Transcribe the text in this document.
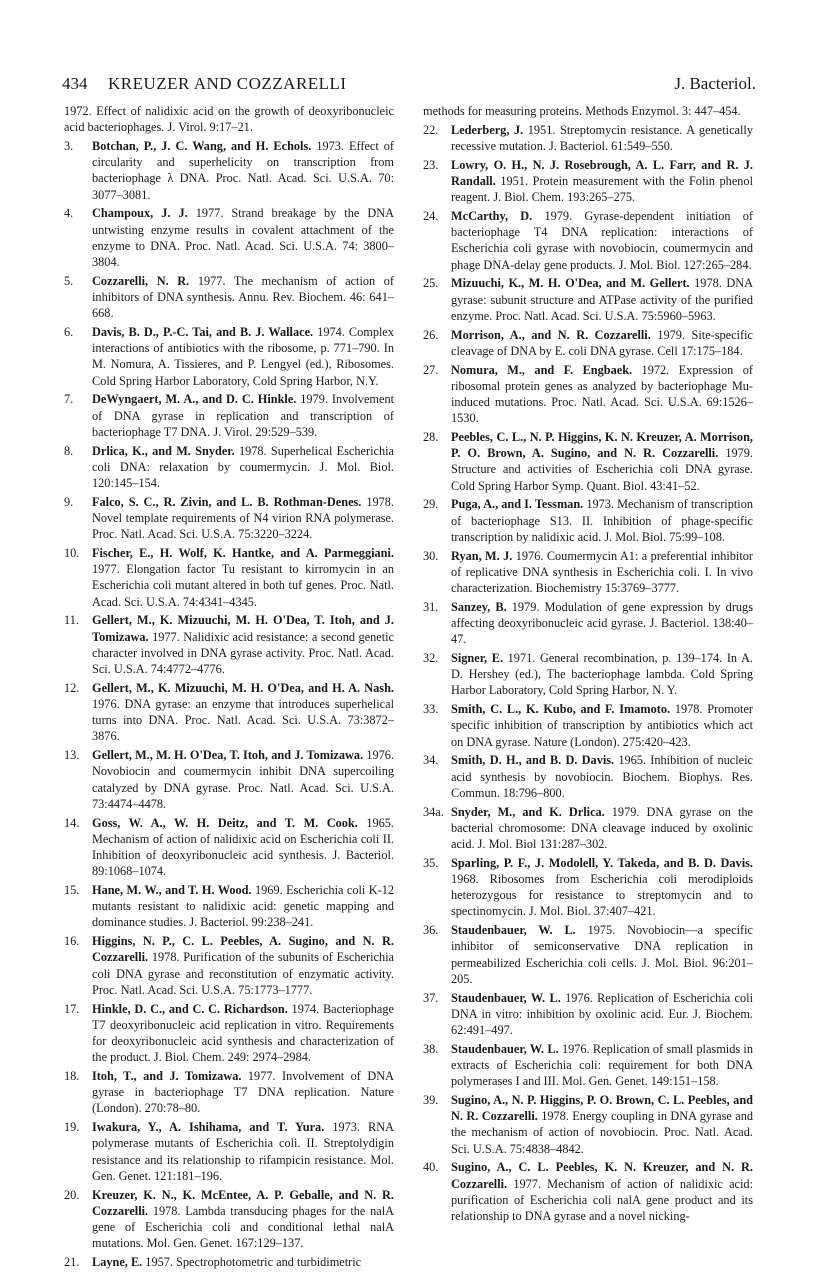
434 KREUZER AND COZZARELLI	J. Bacteriol.

1972. Effect of nalidixic acid on the growth of deoxyribonucleic acid bacteriophages. J. Virol. 9:17–21.

3. Botchan, P., J. C. Wang, and H. Echols. 1973. Effect of circularity and superhelicity on transcription from bacteriophage λ DNA. Proc. Natl. Acad. Sci. U.S.A. 70: 3077–3081.

4. Champoux, J. J. 1977. Strand breakage by the DNA untwisting enzyme results in covalent attachment of the enzyme to DNA. Proc. Natl. Acad. Sci. U.S.A. 74: 3800–3804.

5. Cozzarelli, N. R. 1977. The mechanism of action of inhibitors of DNA synthesis. Annu. Rev. Biochem. 46: 641–668.

6. Davis, B. D., P.-C. Tai, and B. J. Wallace. 1974. Complex interactions of antibiotics with the ribosome, p. 771–790. In M. Nomura, A. Tissieres, and P. Lengyel (ed.), Ribosomes. Cold Spring Harbor Laboratory, Cold Spring Harbor, N.Y.

7. DeWyngaert, M. A., and D. C. Hinkle. 1979. Involvement of DNA gyrase in replication and transcription of bacteriophage T7 DNA. J. Virol. 29:529–539.

8. Drlica, K., and M. Snyder. 1978. Superhelical Escherichia coli DNA: relaxation by coumermycin. J. Mol. Biol. 120:145–154.

9. Falco, S. C., R. Zivin, and L. B. Rothman-Denes. 1978. Novel template requirements of N4 virion RNA polymerase. Proc. Natl. Acad. Sci. U.S.A. 75:3220–3224.

10. Fischer, E., H. Wolf, K. Hantke, and A. Parmeggiani. 1977. Elongation factor Tu resistant to kirromycin in an Escherichia coli mutant altered in both tuf genes. Proc. Natl. Acad. Sci. U.S.A. 74:4341–4345.

11. Gellert, M., K. Mizuuchi, M. H. O'Dea, T. Itoh, and J. Tomizawa. 1977. Nalidixic acid resistance: a second genetic character involved in DNA gyrase activity. Proc. Natl. Acad. Sci. U.S.A. 74:4772–4776.

12. Gellert, M., K. Mizuuchi, M. H. O'Dea, and H. A. Nash. 1976. DNA gyrase: an enzyme that introduces superhelical turns into DNA. Proc. Natl. Acad. Sci. U.S.A. 73:3872–3876.

13. Gellert, M., M. H. O'Dea, T. Itoh, and J. Tomizawa. 1976. Novobiocin and coumermycin inhibit DNA supercoiling catalyzed by DNA gyrase. Proc. Natl. Acad. Sci. U.S.A. 73:4474–4478.

14. Goss, W. A., W. H. Deitz, and T. M. Cook. 1965. Mechanism of action of nalidixic acid on Escherichia coli II. Inhibition of deoxyribonucleic acid synthesis. J. Bacteriol. 89:1068–1074.

15. Hane, M. W., and T. H. Wood. 1969. Escherichia coli K-12 mutants resistant to nalidixic acid: genetic mapping and dominance studies. J. Bacteriol. 99:238–241.

16. Higgins, N. P., C. L. Peebles, A. Sugino, and N. R. Cozzarelli. 1978. Purification of the subunits of Escherichia coli DNA gyrase and reconstitution of enzymatic activity. Proc. Natl. Acad. Sci. U.S.A. 75:1773–1777.

17. Hinkle, D. C., and C. C. Richardson. 1974. Bacteriophage T7 deoxyribonucleic acid replication in vitro. Requirements for deoxyribonucleic acid synthesis and characterization of the product. J. Biol. Chem. 249: 2974–2984.

18. Itoh, T., and J. Tomizawa. 1977. Involvement of DNA gyrase in bacteriophage T7 DNA replication. Nature (London). 270:78–80.

19. Iwakura, Y., A. Ishihama, and T. Yura. 1973. RNA polymerase mutants of Escherichia coli. II. Streptolydigin resistance and its relationship to rifampicin resistance. Mol. Gen. Genet. 121:181–196.

20. Kreuzer, K. N., K. McEntee, A. P. Geballe, and N. R. Cozzarelli. 1978. Lambda transducing phages for the nalA gene of Escherichia coli and conditional lethal nalA mutations. Mol. Gen. Genet. 167:129–137.

21. Layne, E. 1957. Spectrophotometric and turbidimetric

methods for measuring proteins. Methods Enzymol. 3: 447–454.

22. Lederberg, J. 1951. Streptomycin resistance. A genetically recessive mutation. J. Bacteriol. 61:549–550.

23. Lowry, O. H., N. J. Rosebrough, A. L. Farr, and R. J. Randall. 1951. Protein measurement with the Folin phenol reagent. J. Biol. Chem. 193:265–275.

24. McCarthy, D. 1979. Gyrase-dependent initiation of bacteriophage T4 DNA replication: interactions of Escherichia coli gyrase with novobiocin, coumermycin and phage DNA-delay gene products. J. Mol. Biol. 127:265–284.

25. Mizuuchi, K., M. H. O'Dea, and M. Gellert. 1978. DNA gyrase: subunit structure and ATPase activity of the purified enzyme. Proc. Natl. Acad. Sci. U.S.A. 75:5960–5963.

26. Morrison, A., and N. R. Cozzarelli. 1979. Site-specific cleavage of DNA by E. coli DNA gyrase. Cell 17:175–184.

27. Nomura, M., and F. Engbaek. 1972. Expression of ribosomal protein genes as analyzed by bacteriophage Mu-induced mutations. Proc. Natl. Acad. Sci. U.S.A. 69:1526–1530.

28. Peebles, C. L., N. P. Higgins, K. N. Kreuzer, A. Morrison, P. O. Brown, A. Sugino, and N. R. Cozzarelli. 1979. Structure and activities of Escherichia coli DNA gyrase. Cold Spring Harbor Symp. Quant. Biol. 43:41–52.

29. Puga, A., and I. Tessman. 1973. Mechanism of transcription of bacteriophage S13. II. Inhibition of phage-specific transcription by nalidixic acid. J. Mol. Biol. 75:99–108.

30. Ryan, M. J. 1976. Coumermycin A1: a preferential inhibitor of replicative DNA synthesis in Escherichia coli. I. In vivo characterization. Biochemistry 15:3769–3777.

31. Sanzey, B. 1979. Modulation of gene expression by drugs affecting deoxyribonucleic acid gyrase. J. Bacteriol. 138:40–47.

32. Signer, E. 1971. General recombination, p. 139–174. In A. D. Hershey (ed.), The bacteriophage lambda. Cold Spring Harbor Laboratory, Cold Spring Harbor, N. Y.

33. Smith, C. L., K. Kubo, and F. Imamoto. 1978. Promoter specific inhibition of transcription by antibiotics which act on DNA gyrase. Nature (London). 275:420–423.

34. Smith, D. H., and B. D. Davis. 1965. Inhibition of nucleic acid synthesis by novobiocin. Biochem. Biophys. Res. Commun. 18:796–800.

34a. Snyder, M., and K. Drlica. 1979. DNA gyrase on the bacterial chromosome: DNA cleavage induced by oxolinic acid. J. Mol. Biol 131:287–302.

35. Sparling, P. F., J. Modolell, Y. Takeda, and B. D. Davis. 1968. Ribosomes from Escherichia coli merodiploids heterozygous for resistance to streptomycin and to spectinomycin. J. Mol. Biol. 37:407–421.

36. Staudenbauer, W. L. 1975. Novobiocin—a specific inhibitor of semiconservative DNA replication in permeabilized Escherichia coli cells. J. Mol. Biol. 96:201–205.

37. Staudenbauer, W. L. 1976. Replication of Escherichia coli DNA in vitro: inhibition by oxolinic acid. Eur. J. Biochem. 62:491–497.

38. Staudenbauer, W. L. 1976. Replication of small plasmids in extracts of Escherichia coli: requirement for both DNA polymerases I and III. Mol. Gen. Genet. 149:151–158.

39. Sugino, A., N. P. Higgins, P. O. Brown, C. L. Peebles, and N. R. Cozzarelli. 1978. Energy coupling in DNA gyrase and the mechanism of action of novobiocin. Proc. Natl. Acad. Sci. U.S.A. 75:4838–4842.

40. Sugino, A., C. L. Peebles, K. N. Kreuzer, and N. R. Cozzarelli. 1977. Mechanism of action of nalidixic acid: purification of Escherichia coli nalA gene product and its relationship to DNA gyrase and a novel nicking-
